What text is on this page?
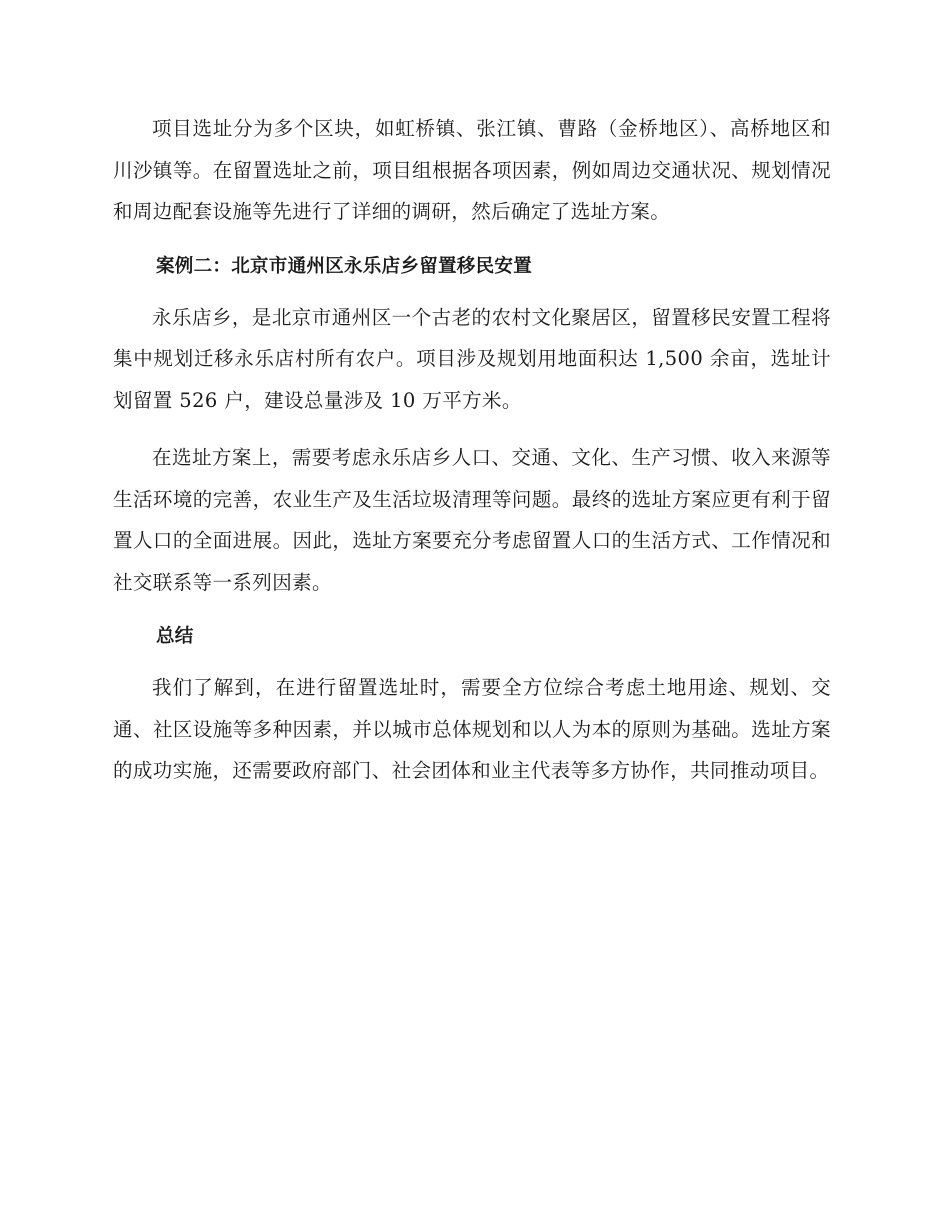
项目选址分为多个区块，如虹桥镇、张江镇、曹路（金桥地区）、高桥地区和川沙镇等。在留置选址之前，项目组根据各项因素，例如周边交通状况、规划情况和周边配套设施等先进行了详细的调研，然后确定了选址方案。

案例二：北京市通州区永乐店乡留置移民安置

永乐店乡，是北京市通州区一个古老的农村文化聚居区，留置移民安置工程将集中规划迁移永乐店村所有农户。项目涉及规划用地面积达 1,500 余亩，选址计划留置 526 户，建设总量涉及 10 万平方米。

在选址方案上，需要考虑永乐店乡人口、交通、文化、生产习惯、收入来源等生活环境的完善，农业生产及生活垃圾清理等问题。最终的选址方案应更有利于留置人口的全面进展。因此，选址方案要充分考虑留置人口的生活方式、工作情况和社交联系等一系列因素。

总结

我们了解到，在进行留置选址时，需要全方位综合考虑土地用途、规划、交通、社区设施等多种因素，并以城市总体规划和以人为本的原则为基础。选址方案的成功实施，还需要政府部门、社会团体和业主代表等多方协作，共同推动项目。
